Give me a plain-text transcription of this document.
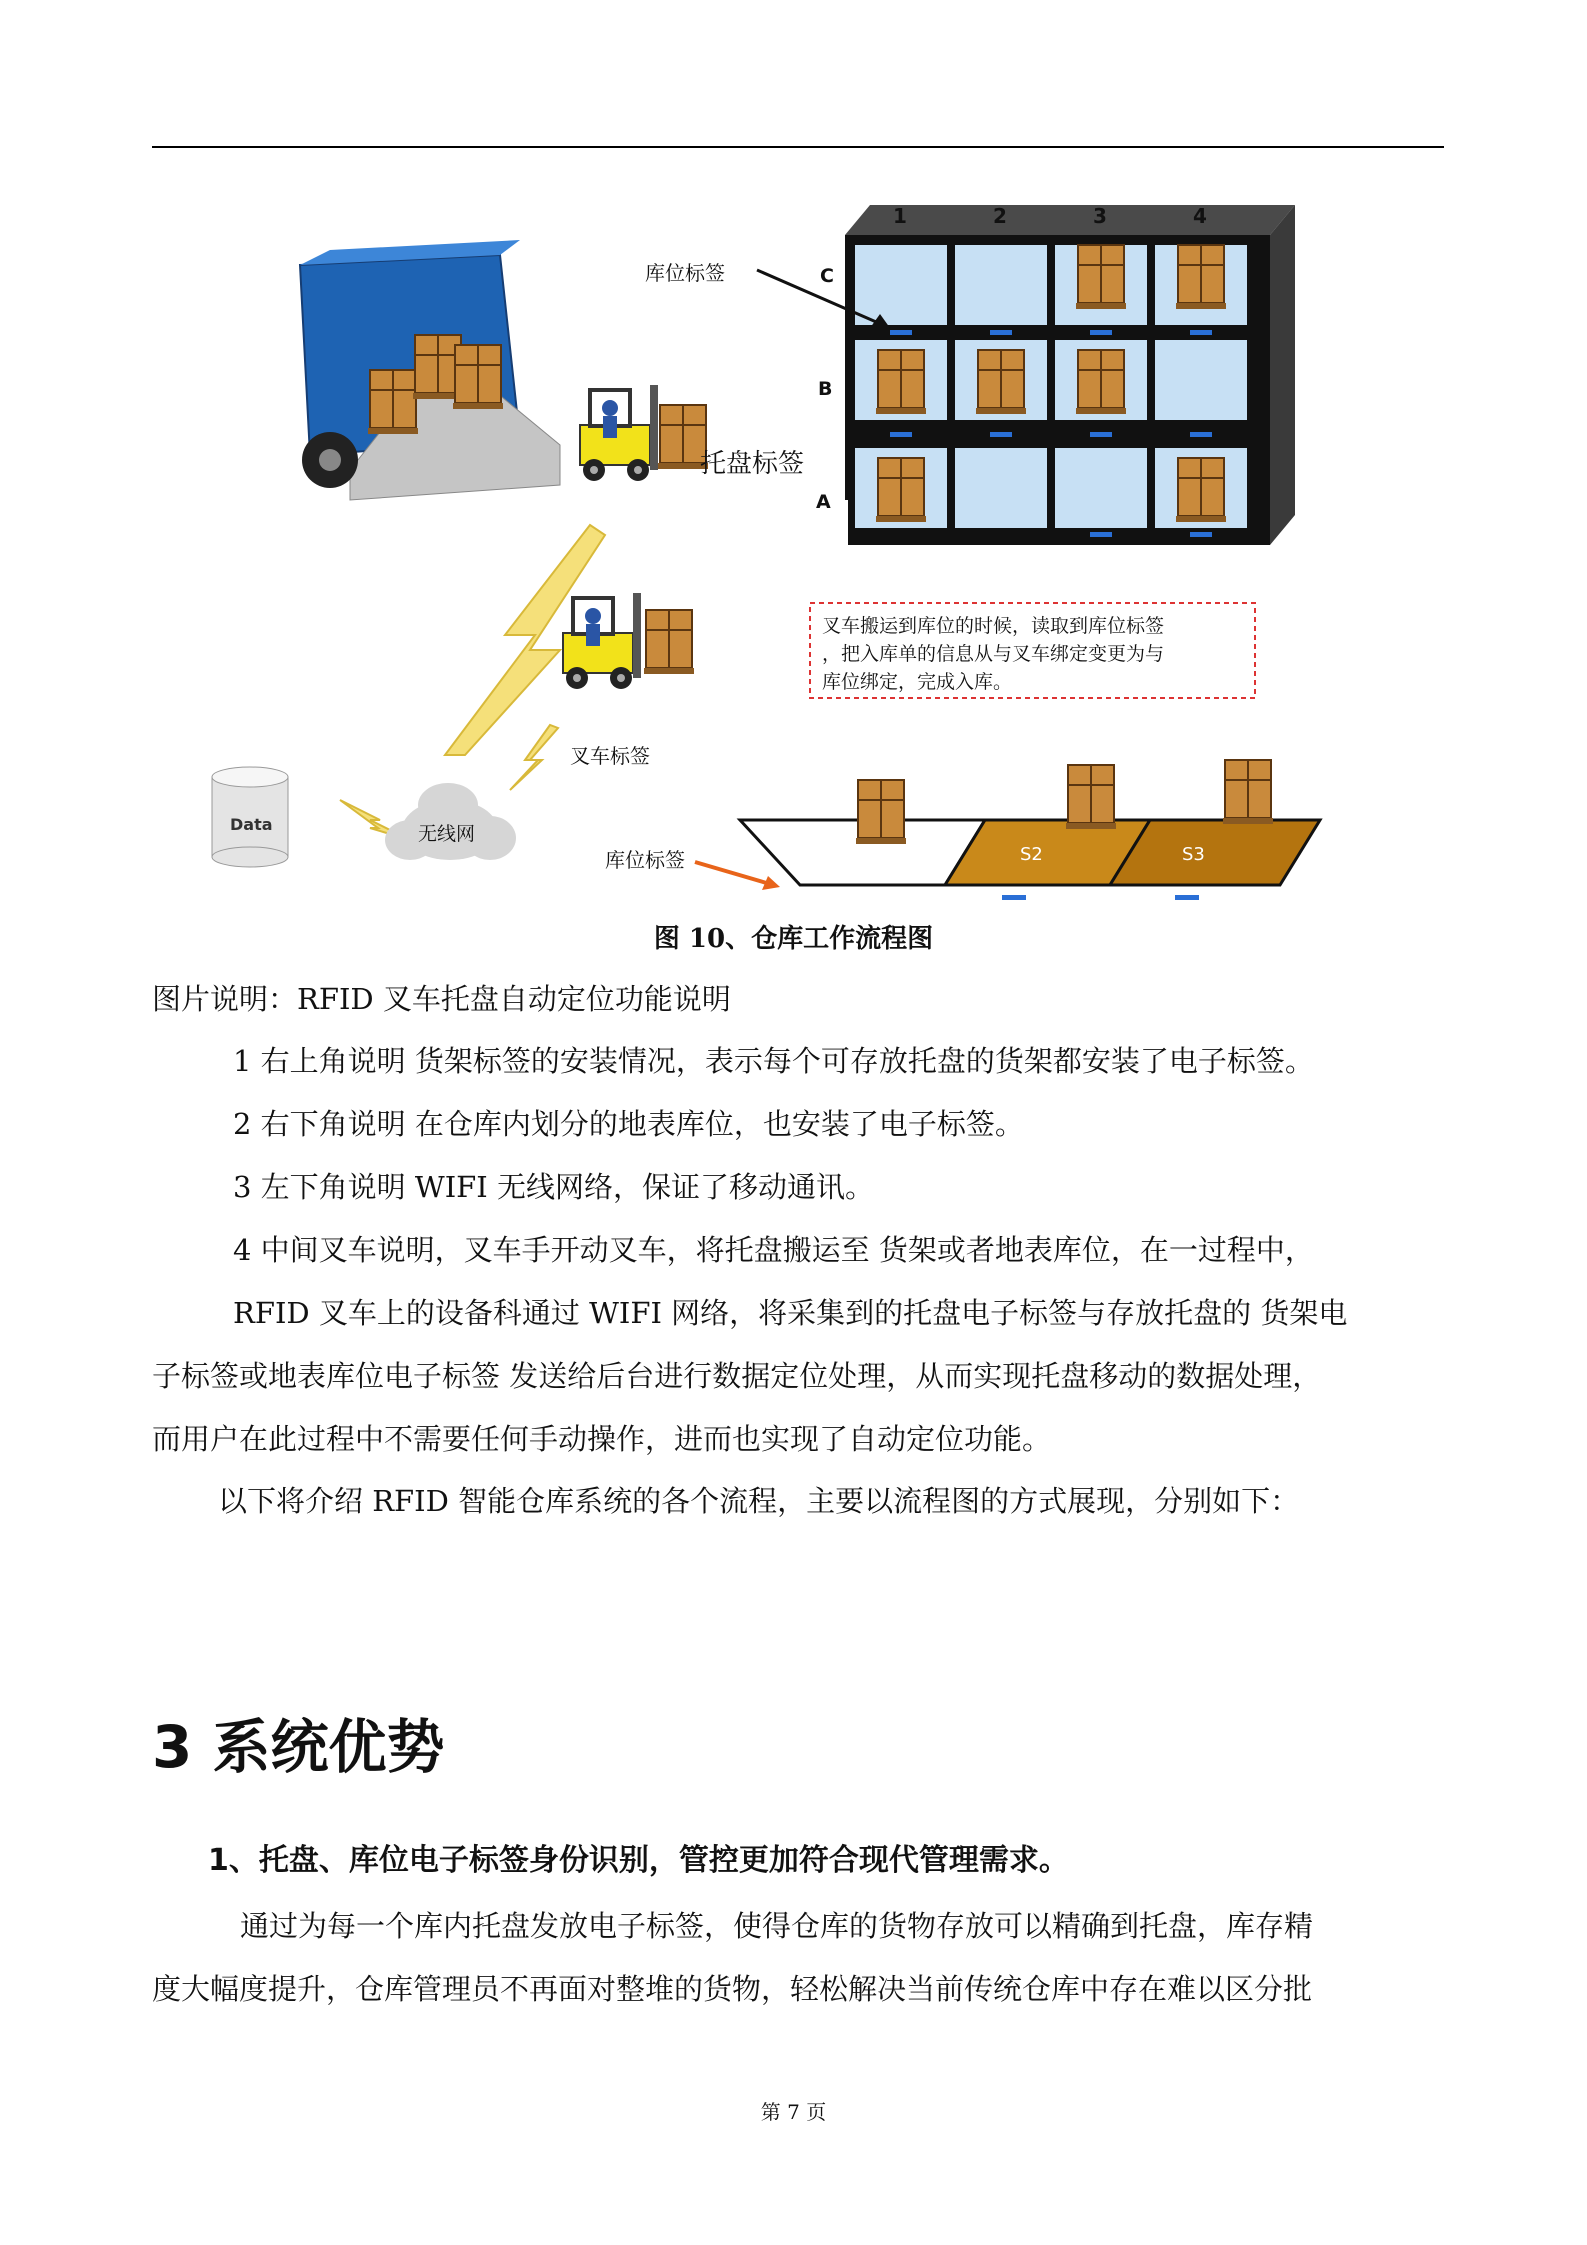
1	2	3	4
C
B
A
库位标签
托盘标签
叉车标签
叉车搬运到库位的时候，读取到库位标签
，把入库单的信息从与叉车绑定变更为与
库位绑定，完成入库。
Data	无线网
S2	S3
库位标签
图 10、仓库工作流程图
图片说明：RFID 叉车托盘自动定位功能说明
1 右上角说明 货架标签的安装情况，表示每个可存放托盘的货架都安装了电子标签。
2 右下角说明 在仓库内划分的地表库位，也安装了电子标签。
3 左下角说明 WIFI 无线网络，保证了移动通讯。
4 中间叉车说明，叉车手开动叉车，将托盘搬运至 货架或者地表库位，在一过程中，
RFID 叉车上的设备科通过 WIFI 网络，将采集到的托盘电子标签与存放托盘的 货架电
子标签或地表库位电子标签 发送给后台进行数据定位处理，从而实现托盘移动的数据处理，
而用户在此过程中不需要任何手动操作，进而也实现了自动定位功能。
以下将介绍 RFID 智能仓库系统的各个流程，主要以流程图的方式展现，分别如下：
3 系统优势
1、托盘、库位电子标签身份识别，管控更加符合现代管理需求。
通过为每一个库内托盘发放电子标签，使得仓库的货物存放可以精确到托盘，库存精
度大幅度提升，仓库管理员不再面对整堆的货物，轻松解决当前传统仓库中存在难以区分批
第 7 页
